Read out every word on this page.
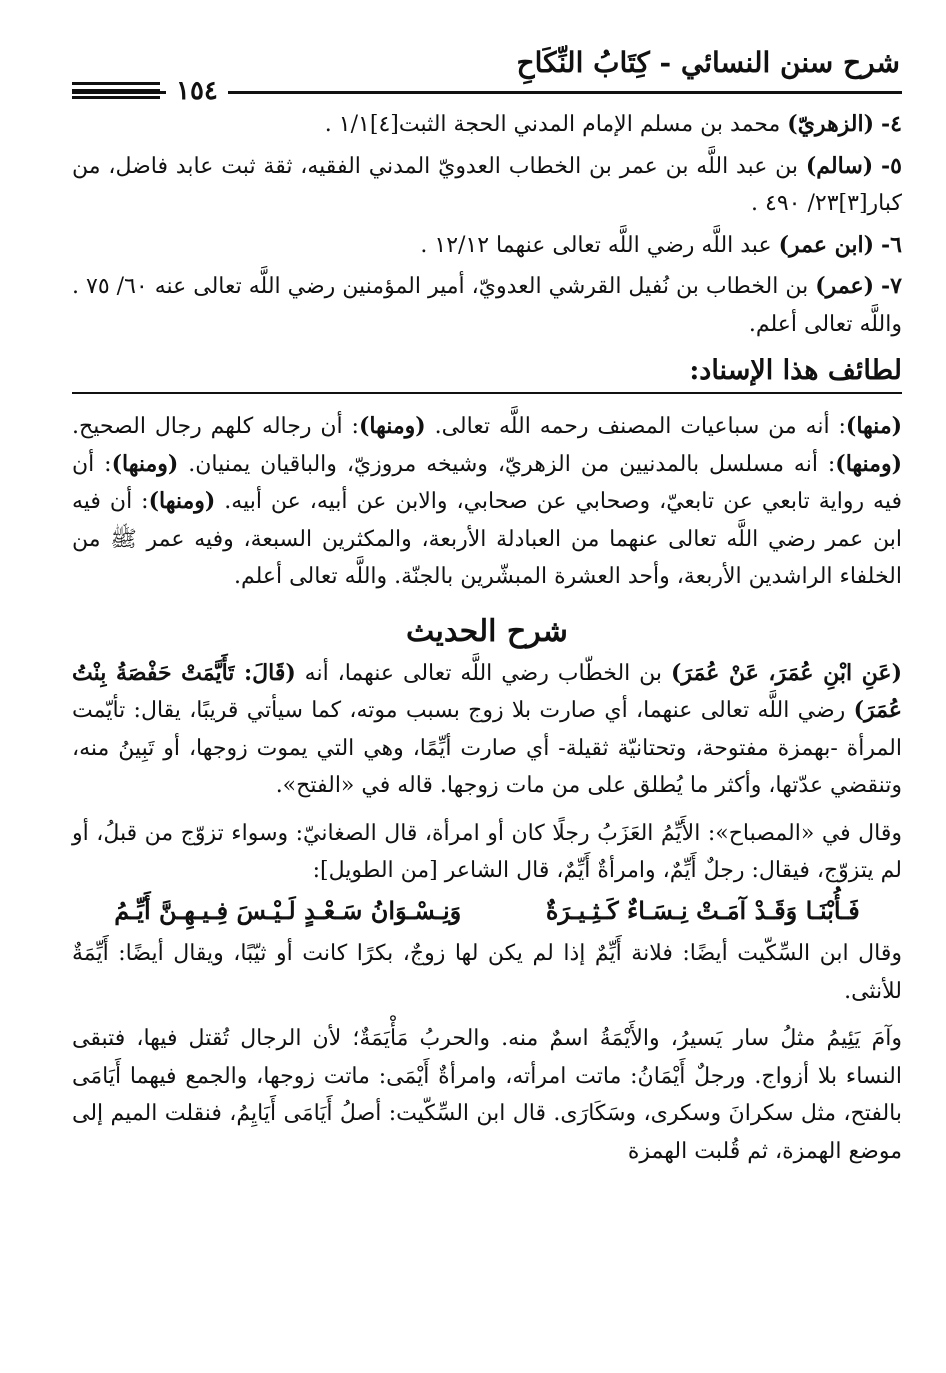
شرح سنن النسائي - كِتَابُ النِّكَاحِ
١٥٤

٤- (الزهريّ) محمد بن مسلم الإمام المدني الحجة الثبت[٤]١/١ .

٥- (سالم) بن عبد اللَّه بن عمر بن الخطاب العدويّ المدني الفقيه، ثقة ثبت عابد فاضل، من كبار[٣]٢٣/ ٤٩٠ .

٦- (ابن عمر) عبد اللَّه رضي اللَّه تعالى عنهما ١٢/١٢ .

٧- (عمر) بن الخطاب بن نُفيل القرشي العدويّ، أمير المؤمنين رضي اللَّه تعالى عنه ٦٠/ ٧٥ . واللَّه تعالى أعلم.

لطائف هذا الإسناد:

(منها): أنه من سباعيات المصنف رحمه اللَّه تعالى. (ومنها): أن رجاله كلهم رجال الصحيح. (ومنها): أنه مسلسل بالمدنيين من الزهريّ، وشيخه مروزيّ، والباقيان يمنيان. (ومنها): أن فيه رواية تابعي عن تابعيّ، وصحابي عن صحابي، والابن عن أبيه، عن أبيه. (ومنها): أن فيه ابن عمر رضي اللَّه تعالى عنهما من العبادلة الأربعة، والمكثرين السبعة، وفيه عمر ﷺ من الخلفاء الراشدين الأربعة، وأحد العشرة المبشّرين بالجنّة. واللَّه تعالى أعلم.

شرح الحديث

(عَنِ ابْنِ عُمَرَ، عَنْ عُمَرَ) بن الخطّاب رضي اللَّه تعالى عنهما، أنه (قَالَ: تَأَيَّمَتْ حَفْصَةُ بِنْتُ عُمَرَ) رضي اللَّه تعالى عنهما، أي صارت بلا زوج بسبب موته، كما سيأتي قريبًا، يقال: تأيّمت المرأة -بهمزة مفتوحة، وتحتانيّة ثقيلة- أي صارت أيِّمًا، وهي التي يموت زوجها، أو تَبِينُ منه، وتنقضي عدّتها، وأكثر ما يُطلق على من مات زوجها. قاله في «الفتح».

وقال في «المصباح»: الأَيِّمُ العَزَبُ رجلًا كان أو امرأة، قال الصغانيّ: وسواء تزوّج من قبلُ، أو لم يتزوّج، فيقال: رجلٌ أَيِّمٌ، وامرأةٌ أَيِّمٌ، قال الشاعر [من الطويل]:

فَـأُبْنَـا وَقَـدْ آمَـتْ نِـسَـاءٌ كَـثِـيـرَةٌ
وَنِـسْـوَانُ سَـعْـدٍ لَـيْـسَ فِـيـهِـنَّ أَيِّـمُ

وقال ابن السِّكّيت أيضًا: فلانة أَيِّمٌ إذا لم يكن لها زوجٌ، بكرًا كانت أو ثيّبًا، ويقال أيضًا: أَيِّمَةٌ للأنثى.

وآمَ يَئِيمُ مثلُ سار يَسيرُ، والأَيْمَةُ اسمٌ منه. والحربُ مَأْيَمَةٌ؛ لأن الرجال تُقتل فيها، فتبقى النساء بلا أزواج. ورجلٌ أَيْمَانُ: ماتت امرأته، وامرأةٌ أَيْمَى: ماتت زوجها، والجمع فيهما أَيَامَى بالفتح، مثل سكرانَ وسكرى، وسَكَارَى. قال ابن السِّكّيت: أصلُ أَيَامَى أَيَايِمُ، فنقلت الميم إلى موضع الهمزة، ثم قُلبت الهمزة
